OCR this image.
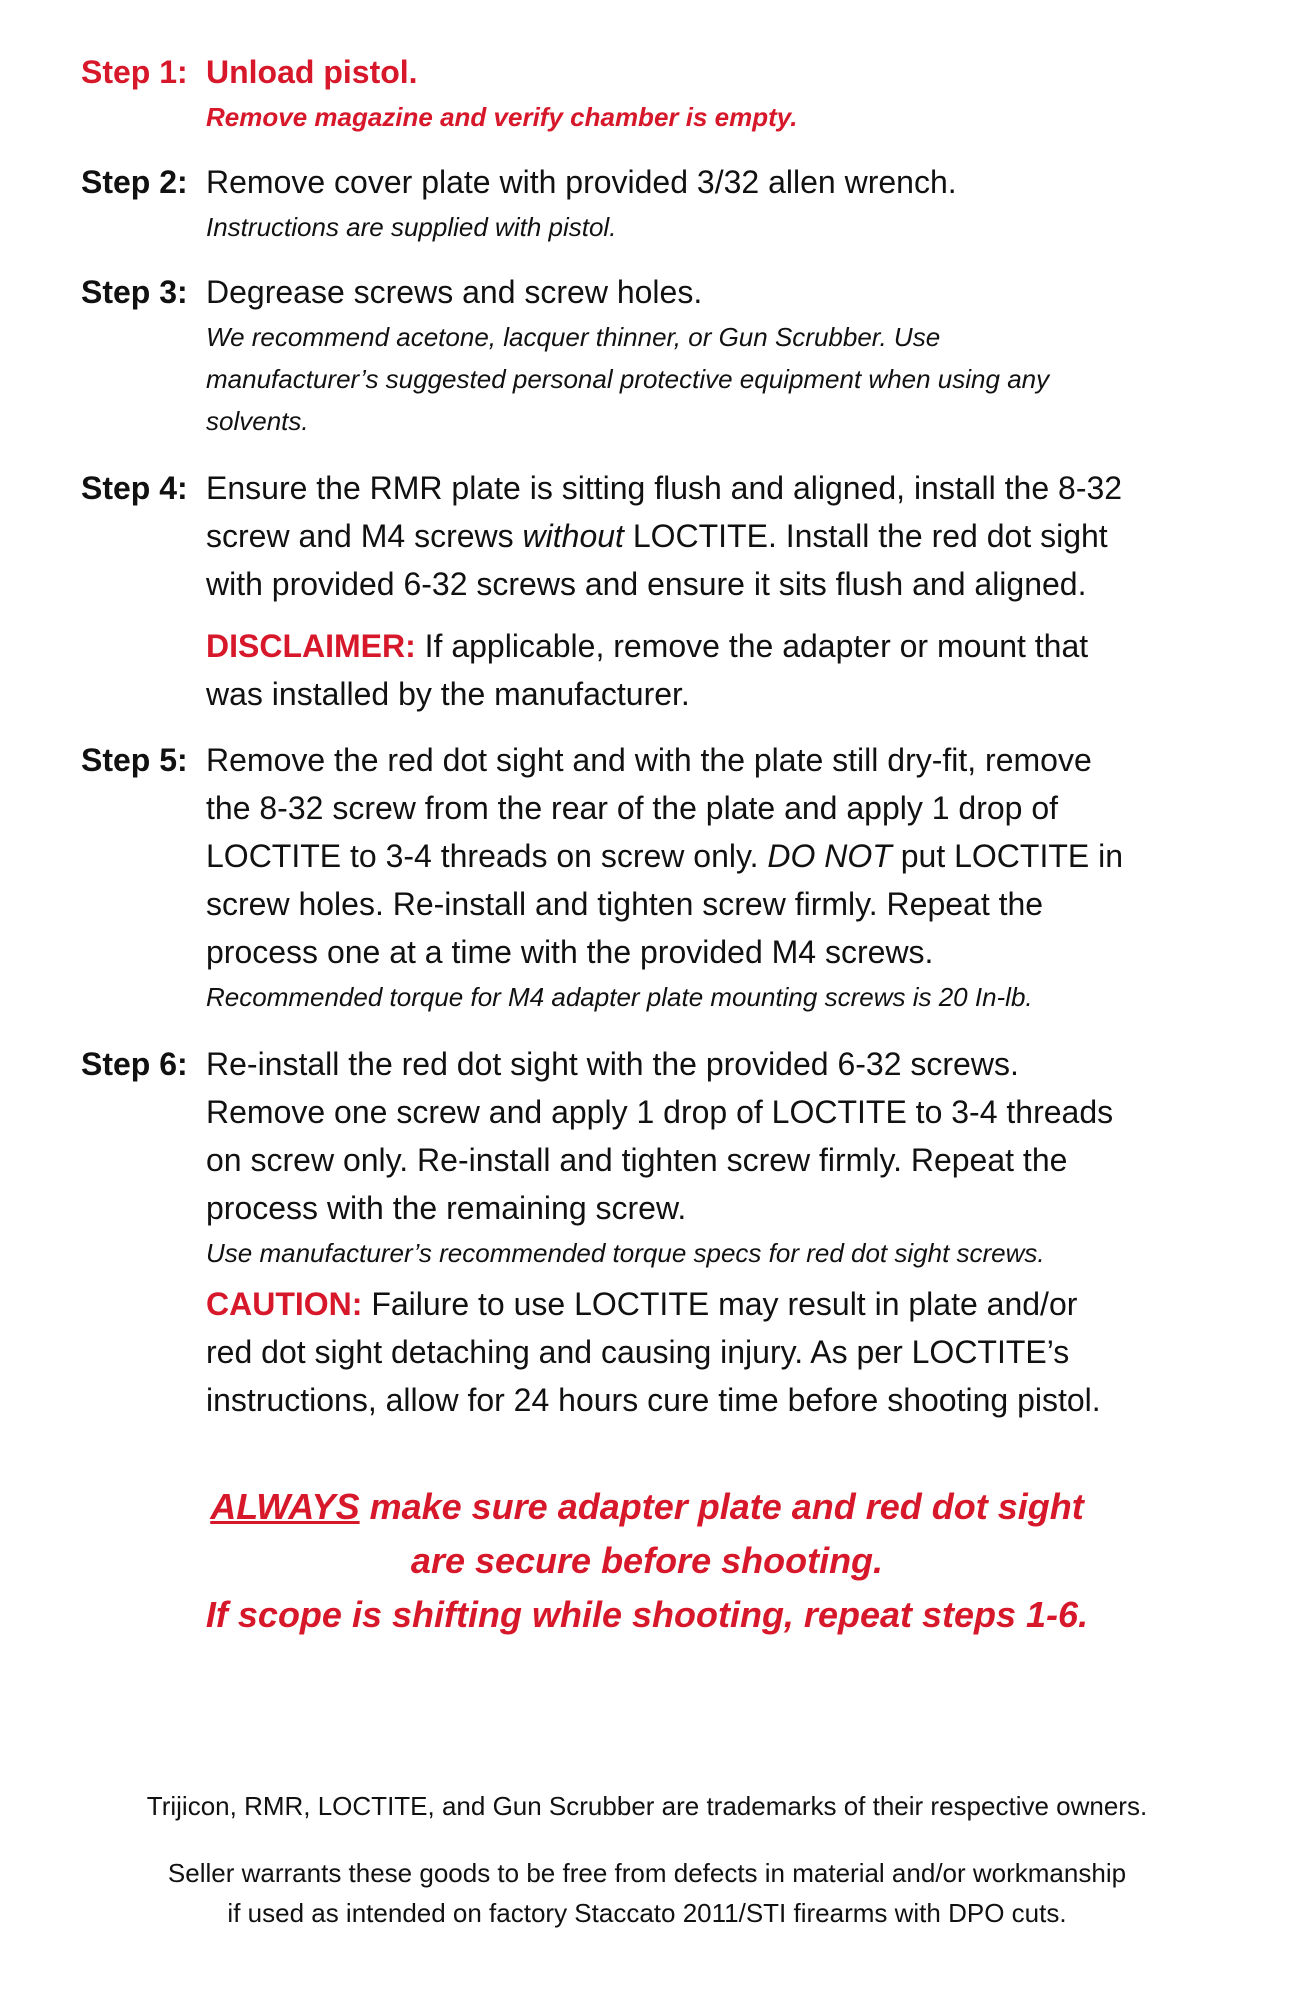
Step 1: Unload pistol.

Remove magazine and verify chamber is empty.

Step 2: Remove cover plate with provided 3/32 allen wrench.

Instructions are supplied with pistol.

Step 3: Degrease screws and screw holes.

We recommend acetone, lacquer thinner, or Gun Scrubber. Use

manufacturer’s suggested personal protective equipment when using any

solvents.

Step 4: Ensure the RMR plate is sitting flush and aligned, install the 8-32

screw and M4 screws without LOCTITE. Install the red dot sight

with provided 6-32 screws and ensure it sits flush and aligned.

DISCLAIMER: If applicable, remove the adapter or mount that

was installed by the manufacturer.

Step 5: Remove the red dot sight and with the plate still dry-fit, remove

the 8-32 screw from the rear of the plate and apply 1 drop of

LOCTITE to 3-4 threads on screw only. DO NOT put LOCTITE in

screw holes. Re-install and tighten screw firmly. Repeat the

process one at a time with the provided M4 screws.

Recommended torque for M4 adapter plate mounting screws is 20 In-lb.

Step 6: Re-install the red dot sight with the provided 6-32 screws.

Remove one screw and apply 1 drop of LOCTITE to 3-4 threads

on screw only. Re-install and tighten screw firmly. Repeat the

process with the remaining screw.

Use manufacturer’s recommended torque specs for red dot sight screws.

CAUTION: Failure to use LOCTITE may result in plate and/or

red dot sight detaching and causing injury. As per LOCTITE’s

instructions, allow for 24 hours cure time before shooting pistol.

ALWAYS make sure adapter plate and red dot sight
are secure before shooting.
If scope is shifting while shooting, repeat steps 1-6.
Trijicon, RMR, LOCTITE, and Gun Scrubber are trademarks of their respective owners.
Seller warrants these goods to be free from defects in material and/or workmanship
if used as intended on factory Staccato 2011/STI firearms with DPO cuts.
